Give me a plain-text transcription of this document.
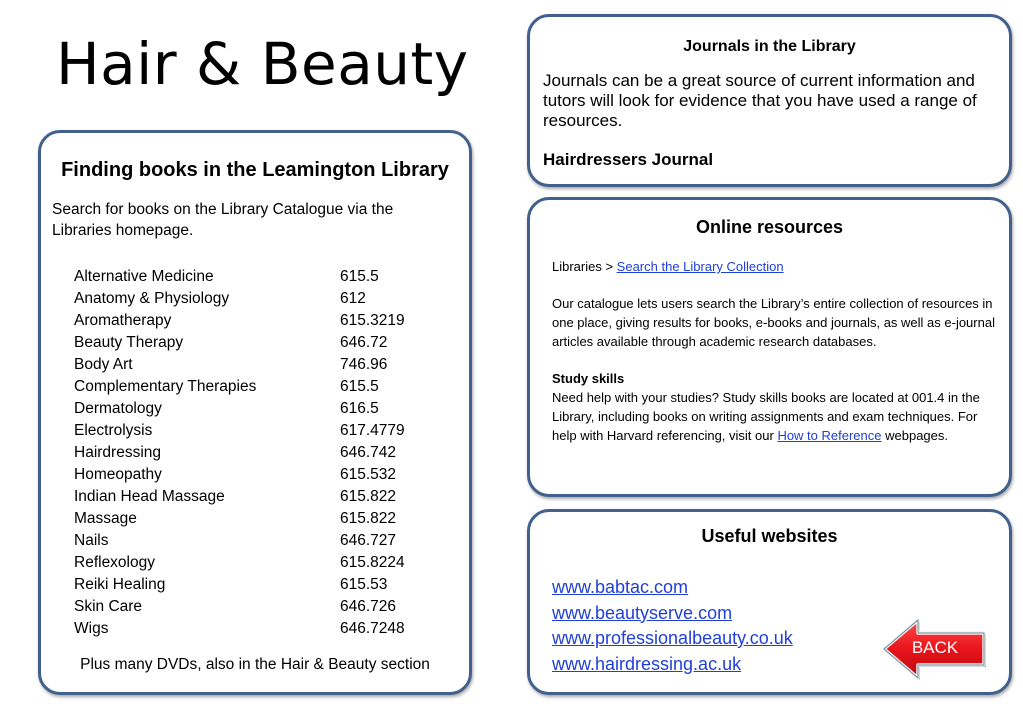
Hair & Beauty
Finding books in the Leamington Library
Search for books on the Library Catalogue via the Libraries homepage.
Alternative Medicine	615.5
Anatomy & Physiology	612
Aromatherapy	615.3219
Beauty Therapy	646.72
Body Art	746.96
Complementary Therapies	615.5
Dermatology	616.5
Electrolysis	617.4779
Hairdressing	646.742
Homeopathy	615.532
Indian Head Massage	615.822
Massage	615.822
Nails	646.727
Reflexology	615.8224
Reiki Healing	615.53
Skin Care	646.726
Wigs	646.7248
Plus many DVDs, also in the Hair & Beauty section
Journals in the Library
Journals can be a great source of current information and tutors will look for evidence that you have used a range of resources.
Hairdressers Journal
Online resources

Libraries > Search the Library Collection

Our catalogue lets users search the Library’s entire collection of resources in one place, giving results for books, e-books and journals, as well as e-journal articles available through academic research databases.

Study skills

Need help with your studies? Study skills books are located at 001.4 in the Library, including books on writing assignments and exam techniques. For help with Harvard referencing, visit our How to Reference webpages.

Useful websites
www.babtac.com
www.beautyserve.com
www.professionalbeauty.co.uk
www.hairdressing.ac.uk
BACK
